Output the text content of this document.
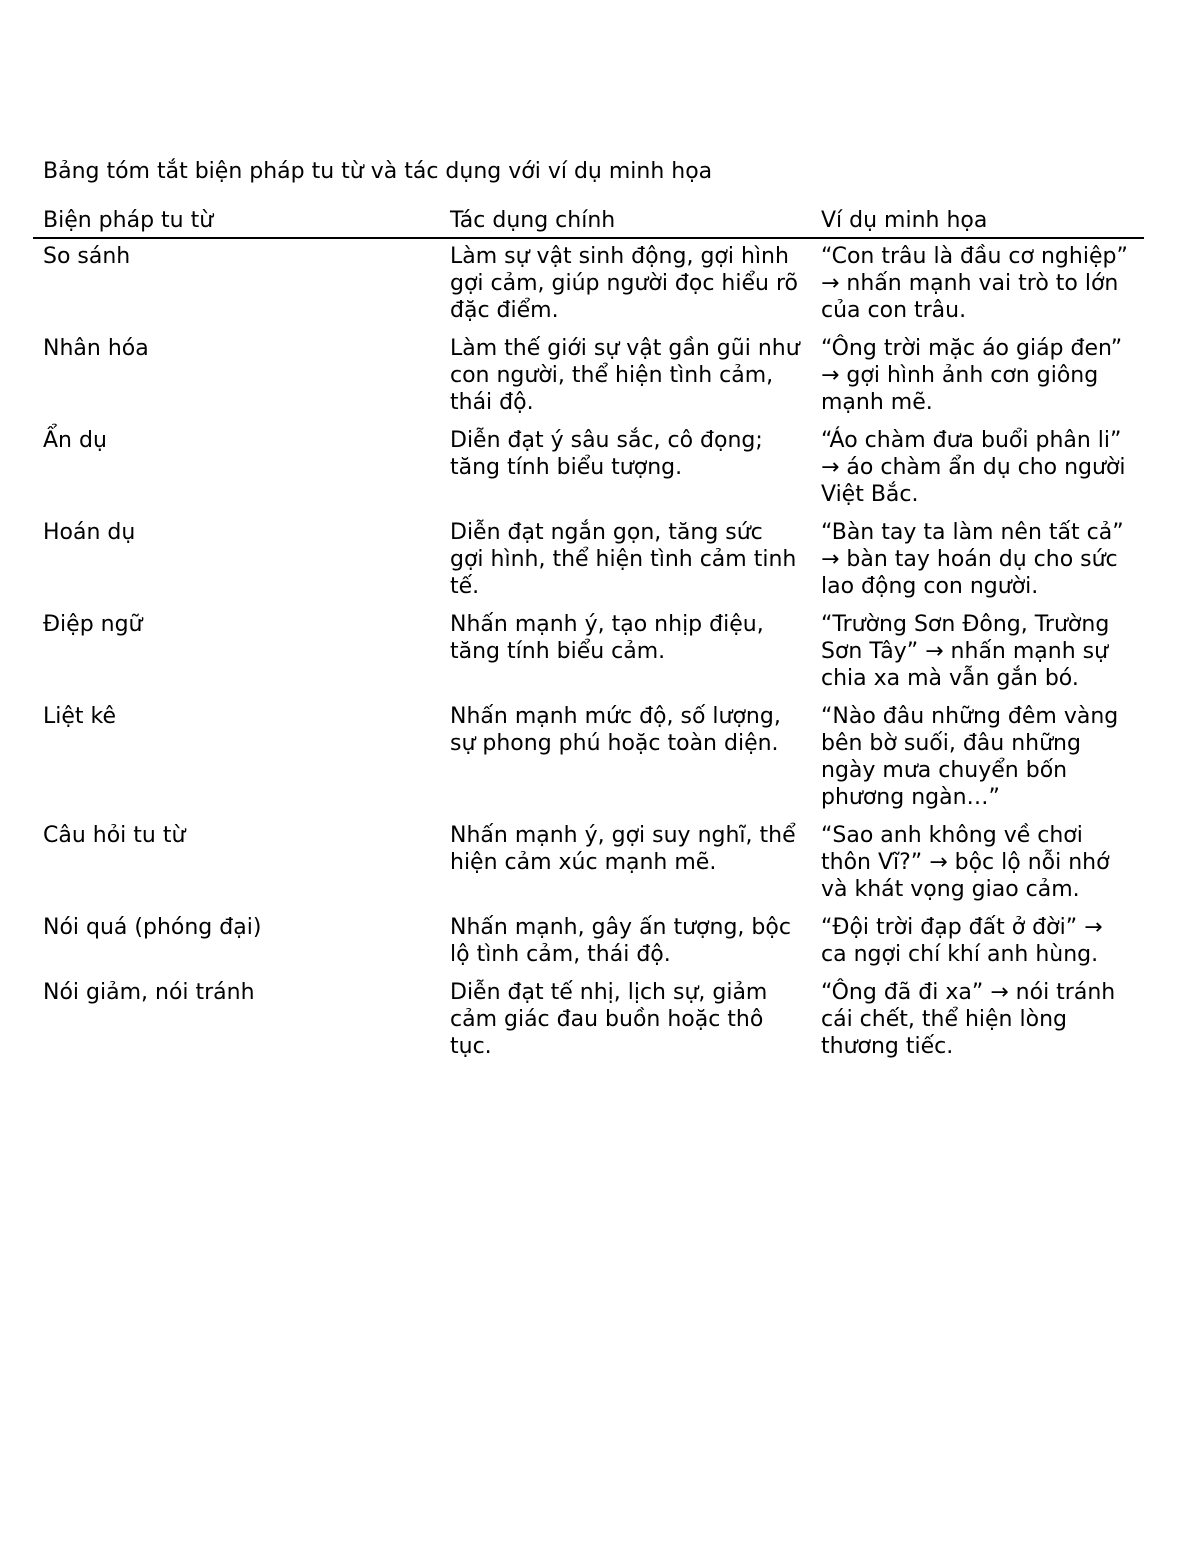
Bảng tóm tắt biện pháp tu từ và tác dụng với ví dụ minh họa
Biện pháp tu từ	Tác dụng chính	Ví dụ minh họa
So sánh	Làm sự vật sinh động, gợi hình gợi cảm, giúp người đọc hiểu rõ đặc điểm.	“Con trâu là đầu cơ nghiệp” → nhấn mạnh vai trò to lớn của con trâu.
Nhân hóa	Làm thế giới sự vật gần gũi như con người, thể hiện tình cảm, thái độ.	“Ông trời mặc áo giáp đen” → gợi hình ảnh cơn giông mạnh mẽ.
Ẩn dụ	Diễn đạt ý sâu sắc, cô đọng; tăng tính biểu tượng.	“Áo chàm đưa buổi phân li” → áo chàm ẩn dụ cho người Việt Bắc.
Hoán dụ	Diễn đạt ngắn gọn, tăng sức gợi hình, thể hiện tình cảm tinh tế.	“Bàn tay ta làm nên tất cả” → bàn tay hoán dụ cho sức lao động con người.
Điệp ngữ	Nhấn mạnh ý, tạo nhịp điệu, tăng tính biểu cảm.	“Trường Sơn Đông, Trường Sơn Tây” → nhấn mạnh sự chia xa mà vẫn gắn bó.
Liệt kê	Nhấn mạnh mức độ, số lượng, sự phong phú hoặc toàn diện.	“Nào đâu những đêm vàng bên bờ suối, đâu những ngày mưa chuyển bốn phương ngàn…”
Câu hỏi tu từ	Nhấn mạnh ý, gợi suy nghĩ, thể hiện cảm xúc mạnh mẽ.	“Sao anh không về chơi thôn Vĩ?” → bộc lộ nỗi nhớ và khát vọng giao cảm.
Nói quá (phóng đại)	Nhấn mạnh, gây ấn tượng, bộc lộ tình cảm, thái độ.	“Đội trời đạp đất ở đời” → ca ngợi chí khí anh hùng.
Nói giảm, nói tránh	Diễn đạt tế nhị, lịch sự, giảm cảm giác đau buồn hoặc thô tục.	“Ông đã đi xa” → nói tránh cái chết, thể hiện lòng thương tiếc.
